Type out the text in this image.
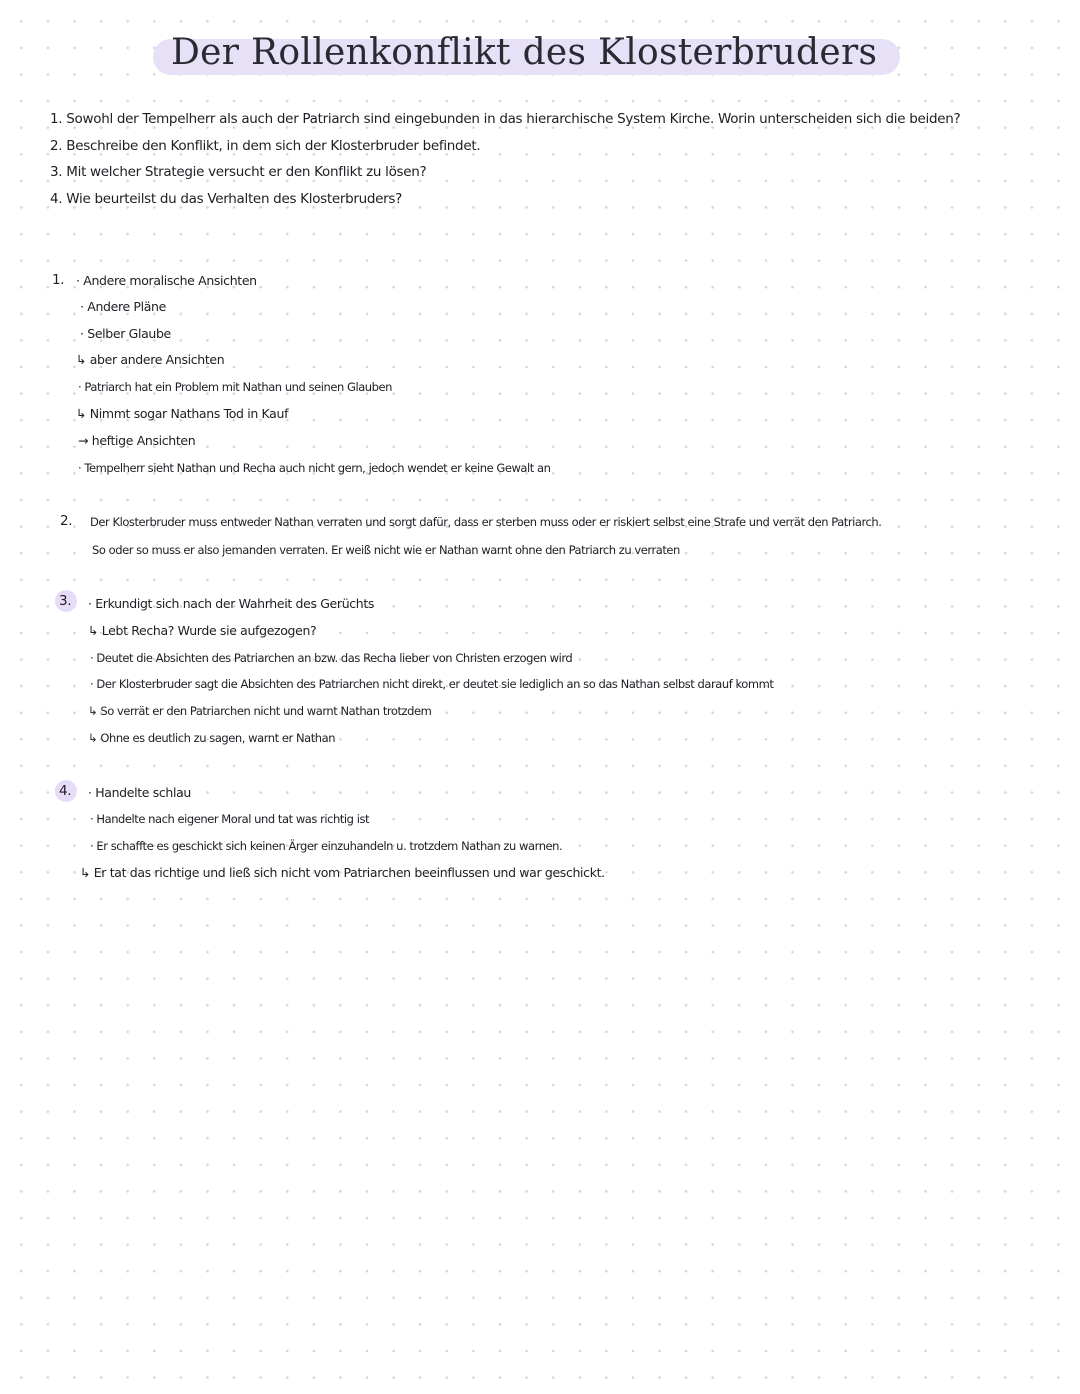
Der Rollenkonflikt des Klosterbruders

1. Sowohl der Tempelherr als auch der Patriarch sind eingebunden in das hierarchische System Kirche. Worin unterscheiden sich die beiden?

2. Beschreibe den Konflikt, in dem sich der Klosterbruder befindet.

3. Mit welcher Strategie versucht er den Konflikt zu lösen?

4. Wie beurteilst du das Verhalten des Klosterbruders?

1. · Andere moralische Ansichten

· Andere Pläne

· Selber Glaube

↳ aber andere Ansichten

· Patriarch hat ein Problem mit Nathan und seinen Glauben

↳ Nimmt sogar Nathans Tod in Kauf

→ heftige Ansichten

· Tempelherr sieht Nathan und Recha auch nicht gern, jedoch wendet er keine Gewalt an

2. Der Klosterbruder muss entweder Nathan verraten und sorgt dafür, dass er sterben muss oder er riskiert selbst eine Strafe und verrät den Patriarch.

So oder so muss er also jemanden verraten. Er weiß nicht wie er Nathan warnt ohne den Patriarch zu verraten

3. · Erkundigt sich nach der Wahrheit des Gerüchts

↳ Lebt Recha? Wurde sie aufgezogen?

· Deutet die Absichten des Patriarchen an bzw. das Recha lieber von Christen erzogen wird

· Der Klosterbruder sagt die Absichten des Patriarchen nicht direkt, er deutet sie lediglich an so das Nathan selbst darauf kommt

↳ So verrät er den Patriarchen nicht und warnt Nathan trotzdem

↳ Ohne es deutlich zu sagen, warnt er Nathan

4. · Handelte schlau

· Handelte nach eigener Moral und tat was richtig ist

· Er schaffte es geschickt sich keinen Ärger einzuhandeln u. trotzdem Nathan zu warnen.

↳ Er tat das richtige und ließ sich nicht vom Patriarchen beeinflussen und war geschickt.
